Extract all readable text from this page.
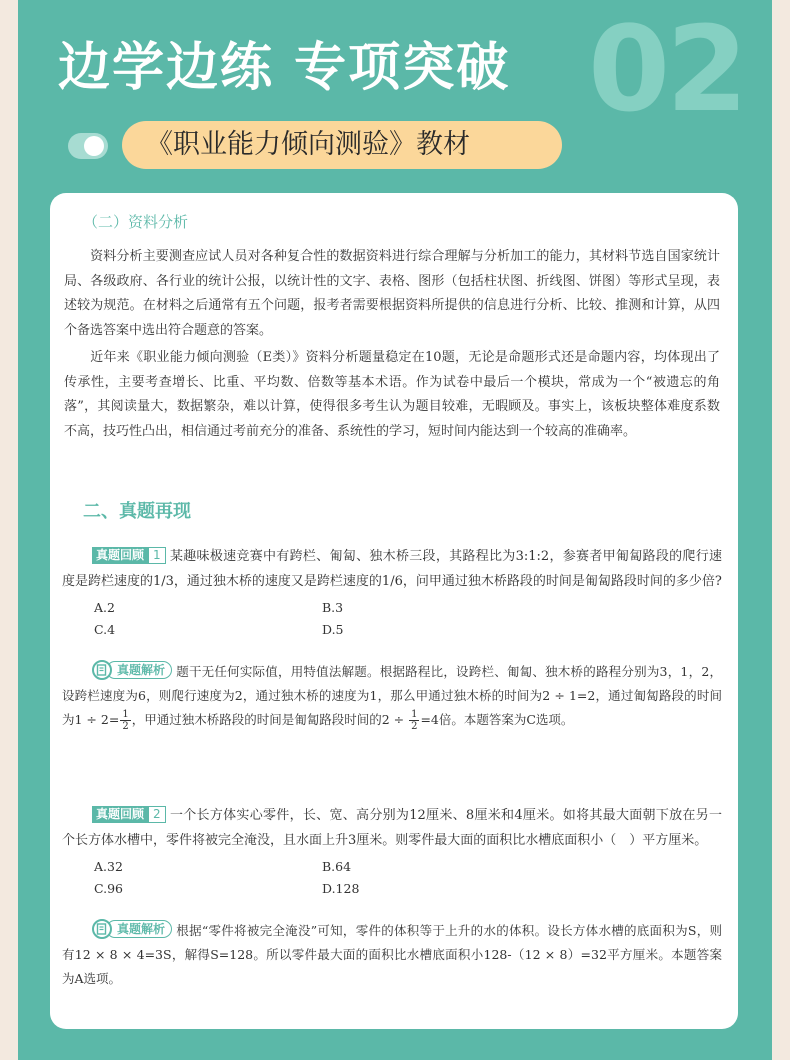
02
边学边练 专项突破
《职业能力倾向测验》教材
（二）资料分析

资料分析主要测查应试人员对各种复合性的数据资料进行综合理解与分析加工的能力，其材料节选自国家统计局、各级政府、各行业的统计公报，以统计性的文字、表格、图形（包括柱状图、折线图、饼图）等形式呈现，表述较为规范。在材料之后通常有五个问题，报考者需要根据资料所提供的信息进行分析、比较、推测和计算，从四个备选答案中选出符合题意的答案。

近年来《职业能力倾向测验（E类）》资料分析题量稳定在10题，无论是命题形式还是命题内容，均体现出了传承性，主要考查增长、比重、平均数、倍数等基本术语。作为试卷中最后一个模块，常成为一个“被遗忘的角落”，其阅读量大，数据繁杂，难以计算，使得很多考生认为题目较难，无暇顾及。事实上，该板块整体难度系数不高，技巧性凸出，相信通过考前充分的准备、系统性的学习，短时间内能达到一个较高的准确率。

二、真题再现

真题回顾 1 某趣味极速竞赛中有跨栏、匍匐、独木桥三段，其路程比为3:1:2，参赛者甲匍匐路段的爬行速度是跨栏速度的1/3，通过独木桥的速度又是跨栏速度的1/6，问甲通过独木桥路段的时间是匍匐路段时间的多少倍?

A.2	B.3
C.4	D.5

真题解析 题干无任何实际值，用特值法解题。根据路程比，设跨栏、匍匐、独木桥的路程分别为3，1，2，设跨栏速度为6，则爬行速度为2，通过独木桥的速度为1，那么甲通过独木桥的时间为2 ÷ 1=2，通过匍匐路段的时间为$1 \div 2= \frac{1}{2}$ ，甲通过独木桥路段的时间是匍匐路段时间的$2 \div \frac{1}{2} =4$倍。本题答案为C选项。

真题回顾 2 一个长方体实心零件，长、宽、高分别为12厘米、8厘米和4厘米。如将其最大面朝下放在另一个长方体水槽中，零件将被完全淹没，且水面上升3厘米。则零件最大面的面积比水槽底面积小（　）平方厘米。

A.32	B.64
C.96	D.128

真题解析 根据“零件将被完全淹没”可知，零件的体积等于上升的水的体积。设长方体水槽的底面积为S，则有12 × 8 × 4=3S，解得S=128。所以零件最大面的面积比水槽底面积小128-（12 × 8）=32平方厘米。本题答案为A选项。
